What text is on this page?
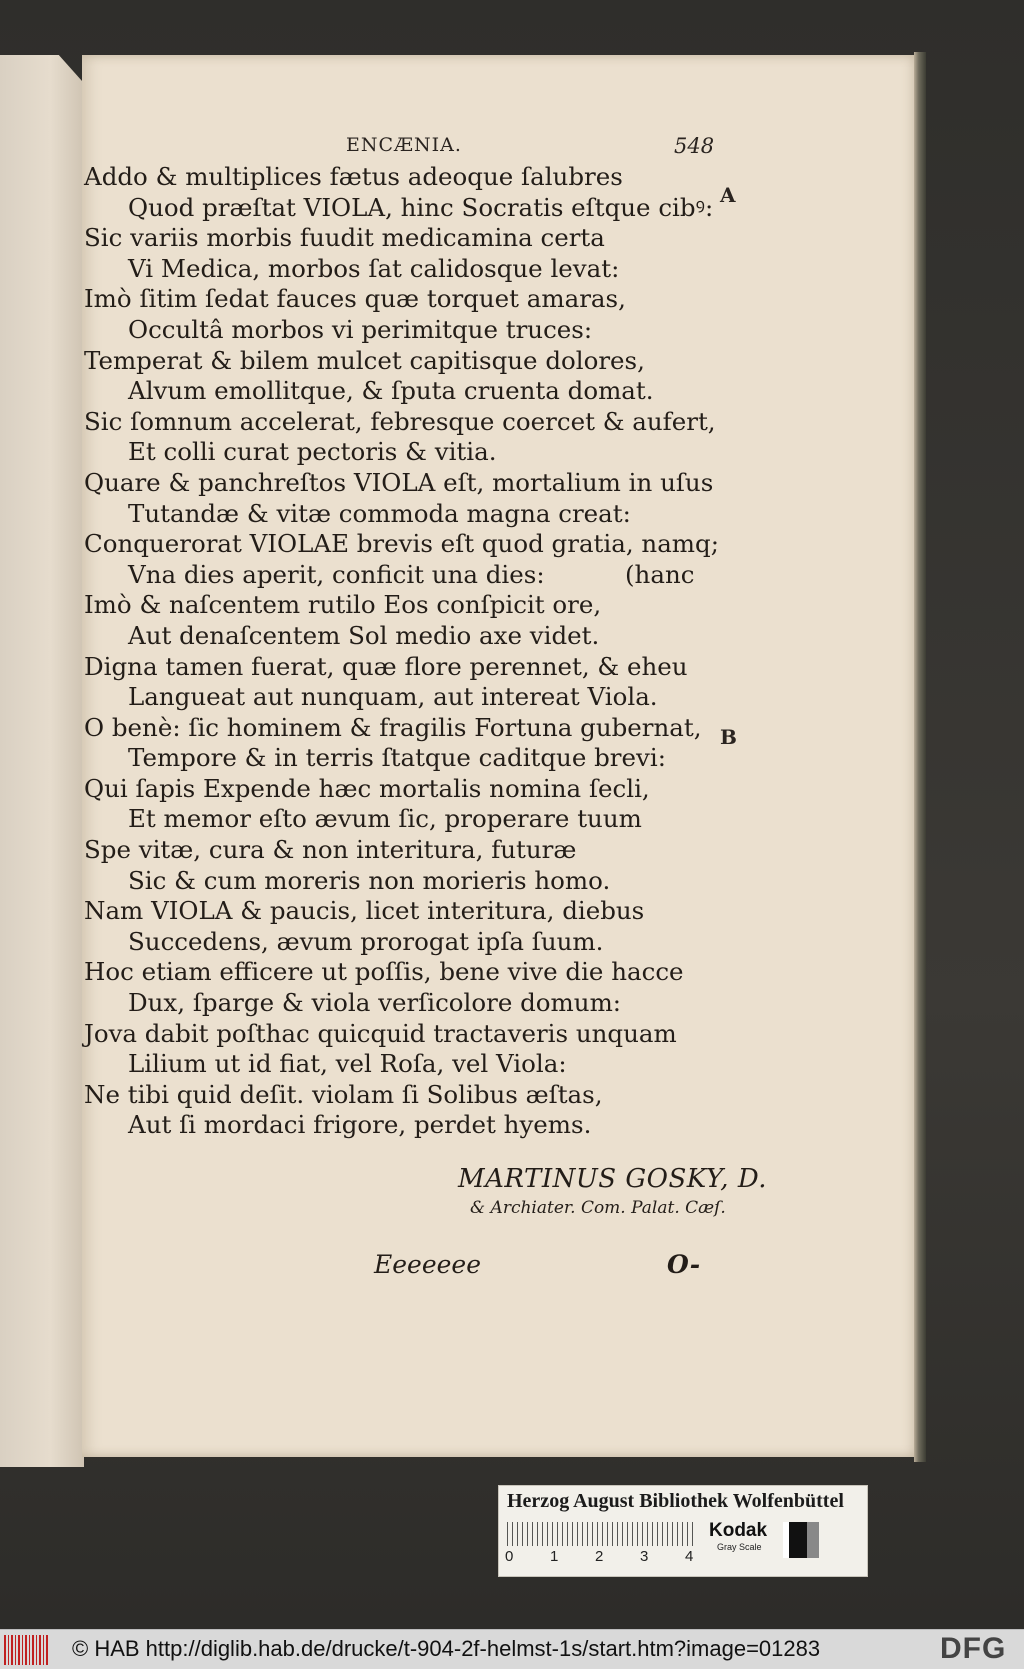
ENCÆNIA.	548
A
B
Addo & multiplices fætus adeoque ſalubres
Quod præſtat VIOLA, hinc Socratis eſtque cibꝰ:
Sic variis morbis fuudit medicamina certa
Vi Medica, morbos ſat calidosque levat:
Imò ſitim ſedat fauces quæ torquet amaras,
Occultâ morbos vi perimitque truces:
Temperat & bilem mulcet capitisque dolores,
Alvum emollitque, & ſputa cruenta domat.
Sic ſomnum accelerat, febresque coercet & aufert,
Et colli curat pectoris & vitia.
Quare & panchreſtos VIOLA eſt, mortalium in uſus
Tutandæ & vitæ commoda magna creat:
Conquerorat VIOLAE brevis eſt quod gratia, namq;
Vna dies aperit, conficit una dies:	(hanc
Imò & naſcentem rutilo Eos conſpicit ore,
Aut denaſcentem Sol medio axe videt.
Digna tamen fuerat, quæ flore perennet, & eheu
Langueat aut nunquam, aut intereat Viola.
O benè: ſic hominem & fragilis Fortuna gubernat,
Tempore & in terris ſtatque caditque brevi:
Qui ſapis Expende hæc mortalis nomina ſecli,
Et memor eſto ævum ſic, properare tuum
Spe vitæ, cura & non interitura, futuræ
Sic & cum moreris non morieris homo.
Nam VIOLA & paucis, licet interitura, diebus
Succedens, ævum prorogat ipſa ſuum.
Hoc etiam efficere ut poſſis, bene vive die hacce
Dux, ſparge & viola verſicolore domum:
Jova dabit poſthac quicquid tractaveris unquam
Lilium ut id fiat, vel Roſa, vel Viola:
Ne tibi quid deſit. violam ſi Solibus æſtas,
Aut ſi mordaci frigore, perdet hyems.
MARTINUS GOSKY, D.
& Archiater. Com. Palat. Cæſ.
Eeeeeee	O-
Herzog August Bibliothek Wolfenbüttel
0 1 2 3 4
Kodak
Gray Scale
© HAB http://diglib.hab.de/drucke/t-904-2f-helmst-1s/start.htm?image=01283	DFG
